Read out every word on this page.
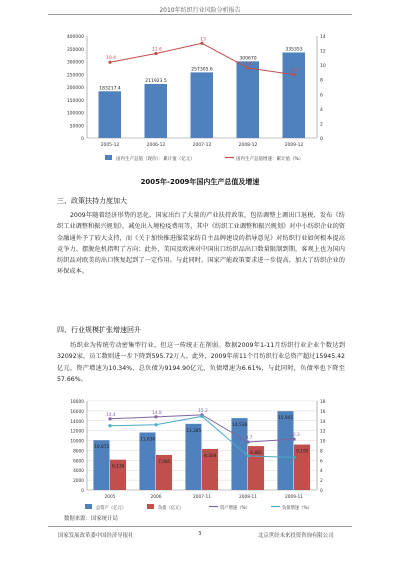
2010年纺织行业风险分析报告
0
50000
100000
150000
200000
250000
300000
350000
400000
0
2
4
6
8
10
12
14
2005-12	2006-12	2007-12	2008-12	2009-12
183217.4
211923.5
257305.6
300670
335353
10.4
11.6
13
9.6
8.7
国内生产总值（现价）：累计值（亿元）	国内生产总值增速：累计值（%）
2005年-2009年国内生产总值及增速
三、政策扶持力度加大
2009年随着经济形势的恶化，国家出台了大量的产业扶持政策，包括调整上调出口退税、发布《纺织工业调整和振兴规划》，减免出入境检疫费用等，其中《纺织工业调整和振兴规划》对中小纺织企业的资金融通外予了较大支持，而《关于加快推进服装家纺自主品牌建设的指导意见》对纺织行业如何根本提高竞争力、摆脱危机指明了方向；此外，美国及欧洲对中国出口纺织品出口数量限制到期，客观上也为国内纺织品对欧美的出口恢复起到了一定作用。与此同时，国家产能政策要求进一步提高，加大了纺织企业的环保成本。
四、行业规模扩张增速回升
纺织业为传统劳动密集型行业，但这一传统正在削弱。数据2009年1-11月纺织行业企业个数达到32092家，员工数则进一步下降到595.72万人。此外，2009年前11个月纺织行业总资产超过15945.42亿元，资产增速为10.34%，总负债为9194.90亿元，负债增速为6.61%，与此同时，负债率也下降至57.66%。
0
2000
4000
6000
8000
10000
12000
14000
16000
18000
0
2
4
6
8
10
12
14
16
18
2005	2006	2007-11	2008-11	2009-11
10,073
11,636
13,385
14,538
15,945
6,136
7,085
8,304
8,881	9,195
14.4	14.8	15.2
9.7
10.3
总资产（亿元）	负债（亿元）	资产增速（%）	负债增速（%）
数据来源：国家统计局
国家发展改革委中国经济导报社	3	北京世经未来投资咨询有限公司
